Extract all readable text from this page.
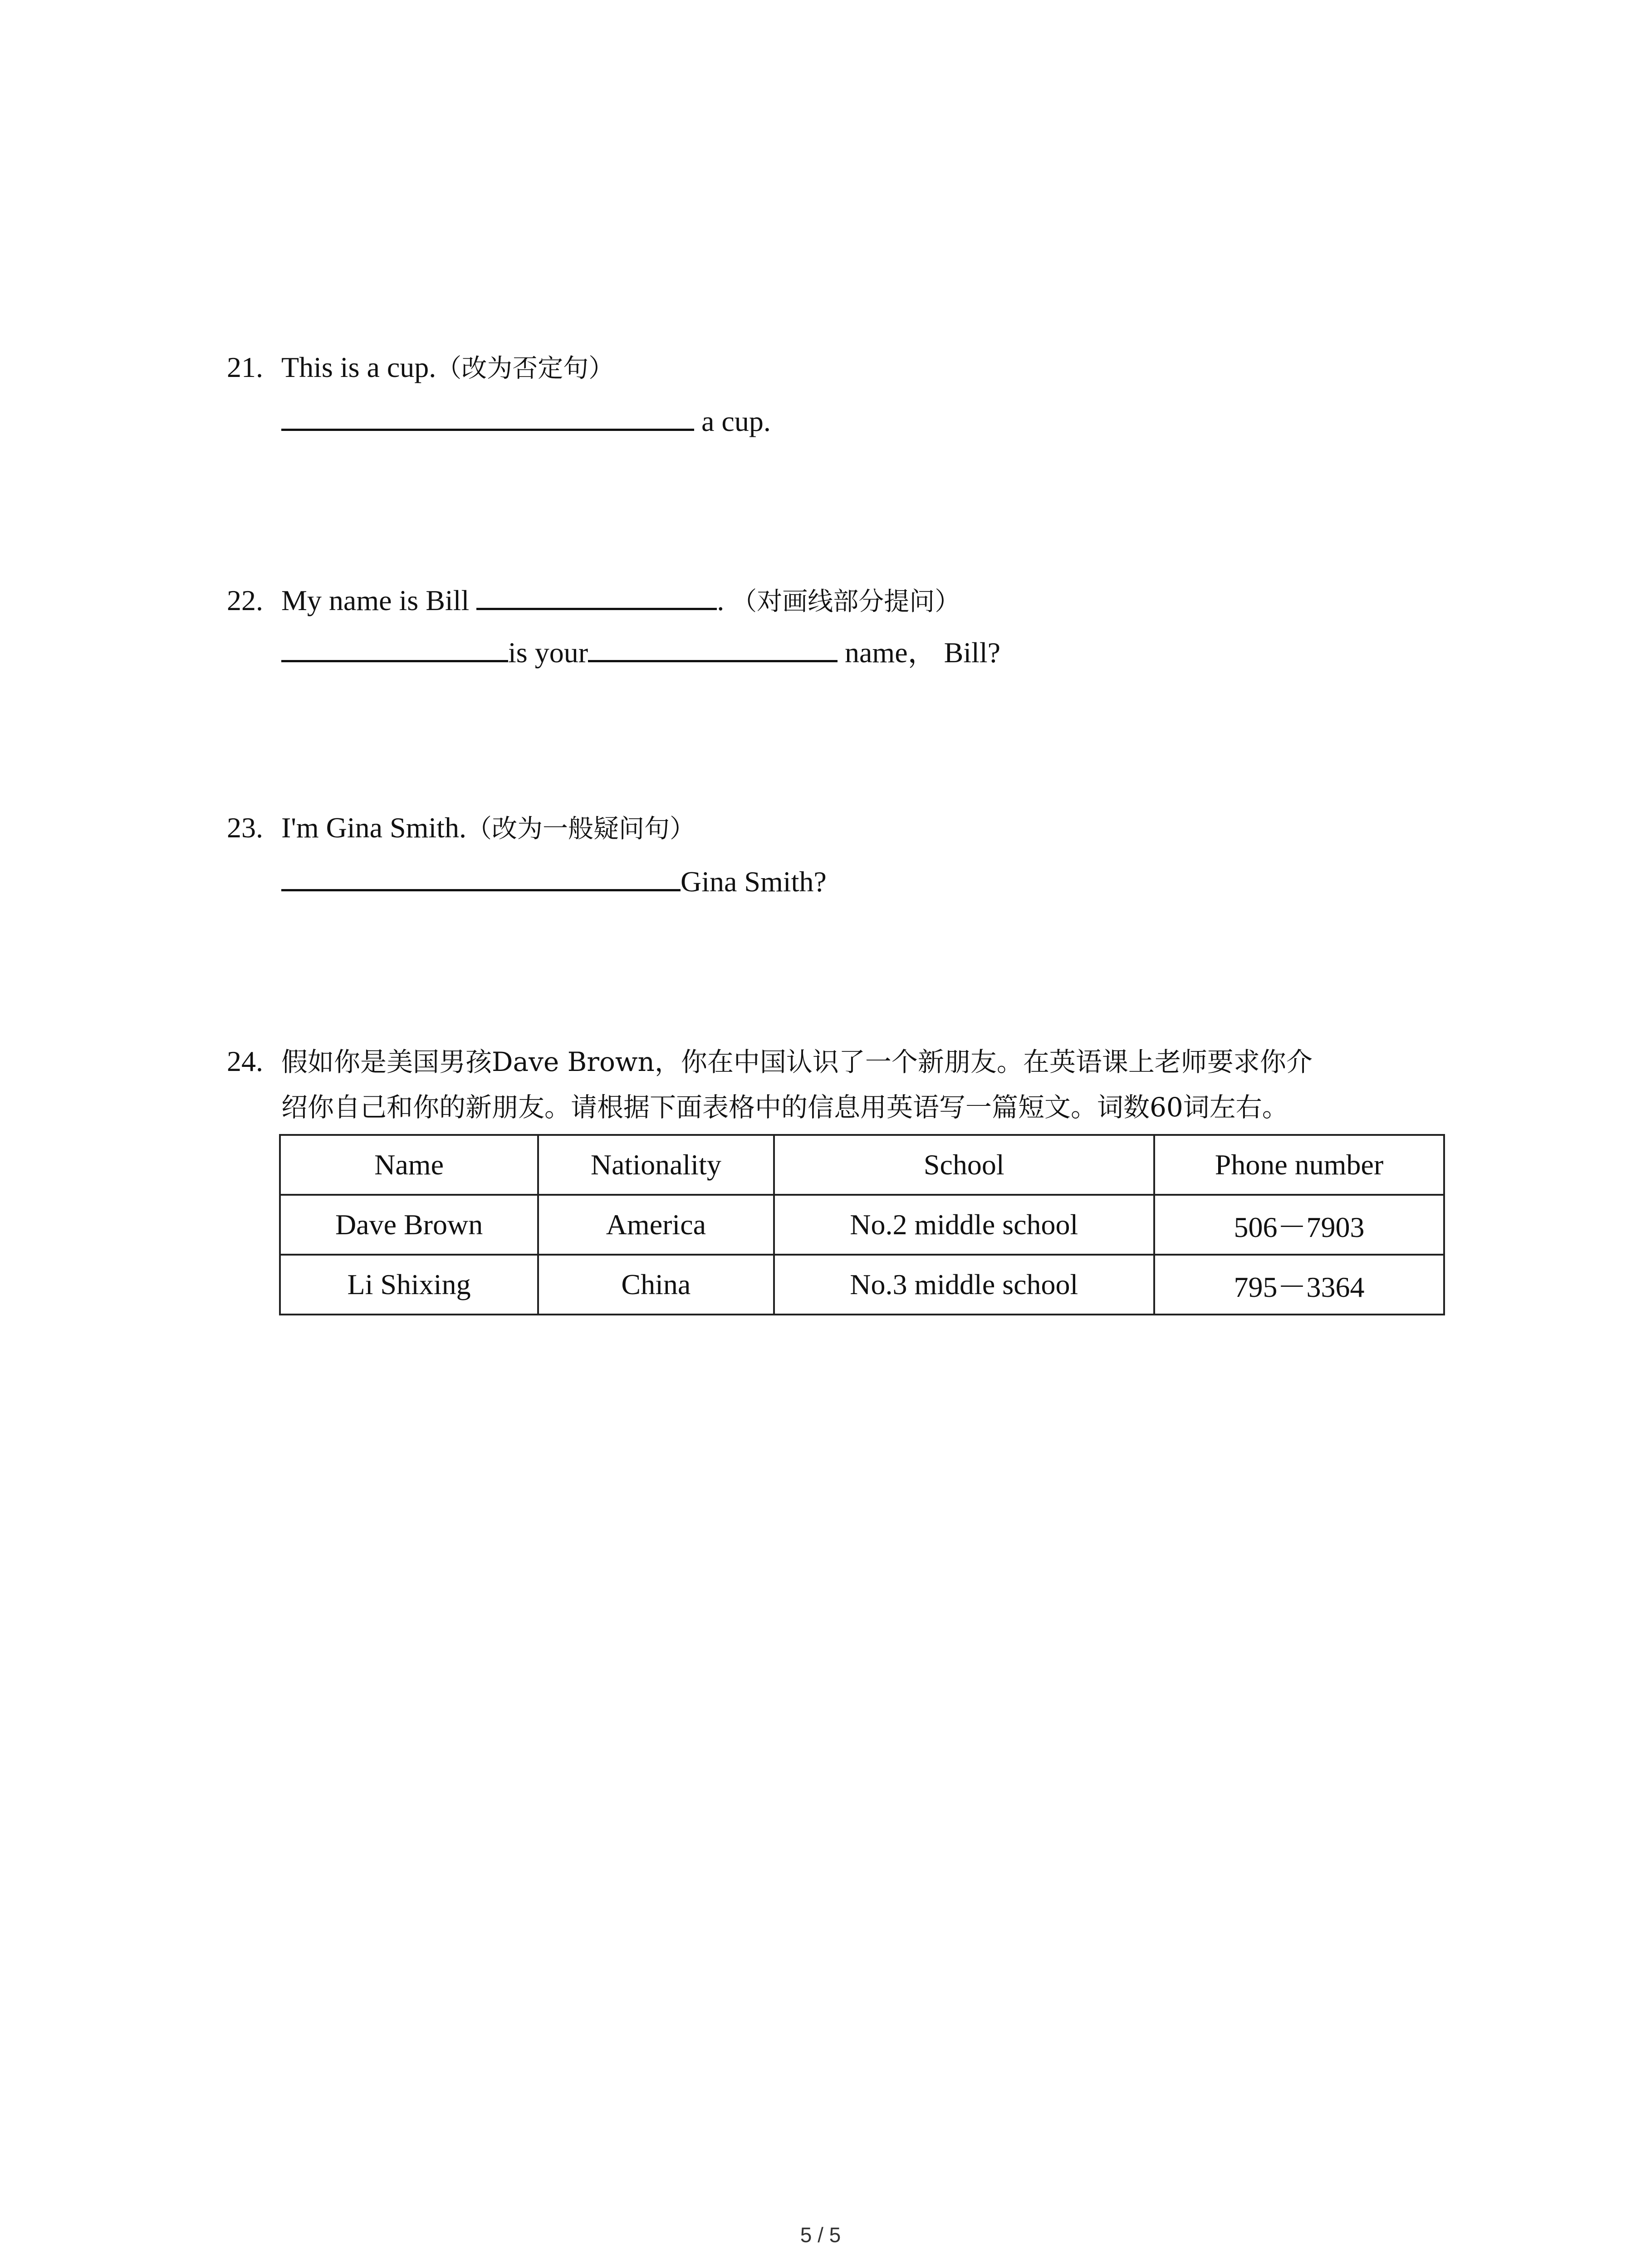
21. This is a cup.（改为否定句）
a cup.
22. My name is Bill	. （对画线部分提问）
is your	name， Bill?
23. I'm Gina Smith.（改为一般疑问句）
Gina Smith?
24. 假如你是美国男孩Dave Brown，你在中国认识了一个新朋友。在英语课上老师要求你介
绍你自己和你的新朋友。请根据下面表格中的信息用英语写一篇短文。词数60词左右。
Name	Nationality	School	Phone number
Dave Brown	America	No.2 middle school	506－7903
Li Shixing	China	No.3 middle school	795－3364
5 / 5
